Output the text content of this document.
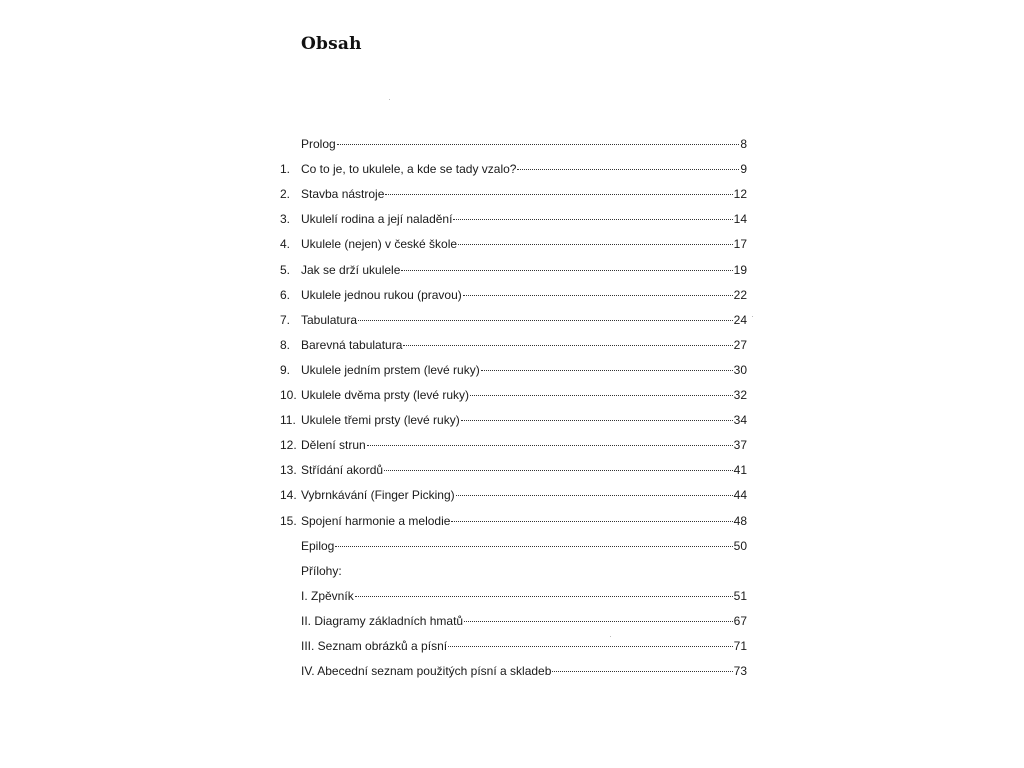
Obsah
Prolog	8
1. Co to je, to ukulele, a kde se tady vzalo?	9
2. Stavba nástroje	12
3. Ukulelí rodina a její naladění	14
4. Ukulele (nejen) v české škole	17
5. Jak se drží ukulele	19
6. Ukulele jednou rukou (pravou)	22
7. Tabulatura	24
8. Barevná tabulatura	27
9. Ukulele jedním prstem (levé ruky)	30
10. Ukulele dvěma prsty (levé ruky)	32
11. Ukulele třemi prsty (levé ruky)	34
12. Dělení strun	37
13. Střídání akordů	41
14. Vybrnkávání (Finger Picking)	44
15. Spojení harmonie a melodie	48
Epilog	50
Přílohy:
I. Zpěvník	51
II. Diagramy základních hmatů	67
III. Seznam obrázků a písní	71
IV. Abecední seznam použitých písní a skladeb	73
